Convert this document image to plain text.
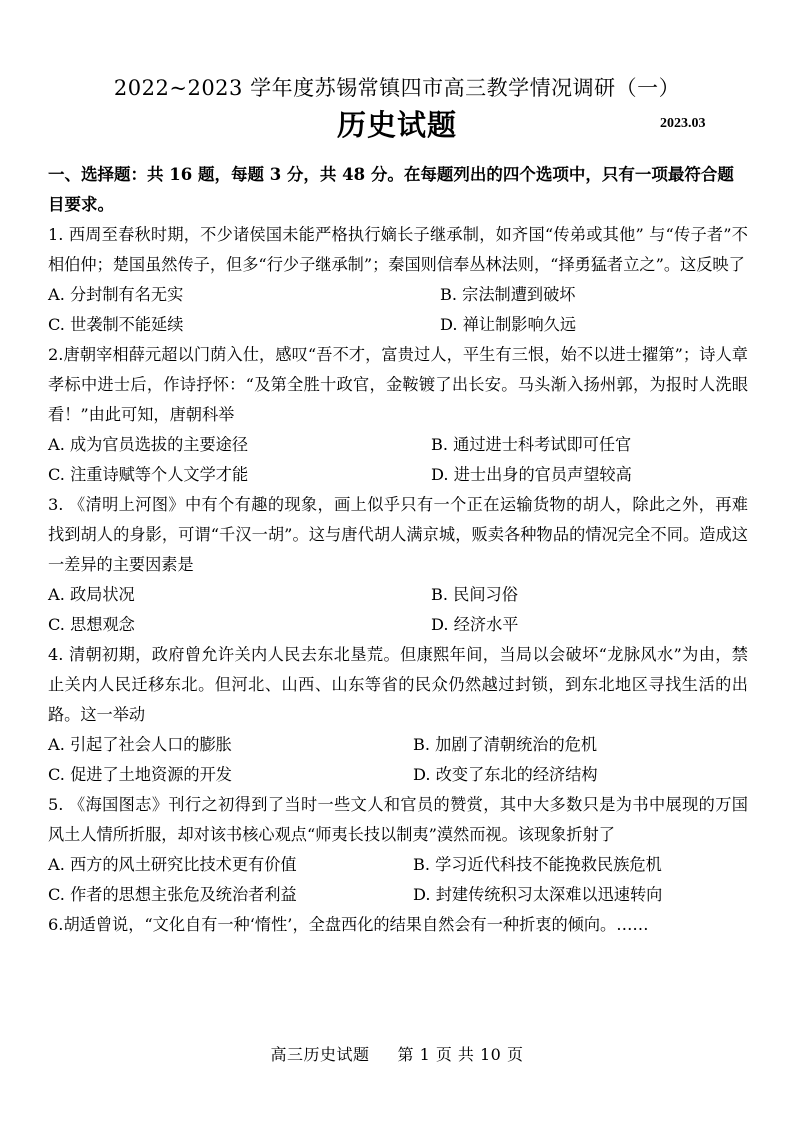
2022~2023 学年度苏锡常镇四市高三教学情况调研（一）
历史试题	2023.03
一、选择题：共 16 题，每题 3 分，共 48 分。在每题列出的四个选项中，只有一项最符合题目要求。
1. 西周至春秋时期，不少诸侯国未能严格执行嫡长子继承制，如齐国“传弟或其他” 与“传子者”不相伯仲；楚国虽然传子，但多“行少子继承制”；秦国则信奉丛林法则，“择勇猛者立之”。这反映了
A. 分封制有名无实	B. 宗法制遭到破坏
C. 世袭制不能延续	D. 禅让制影响久远
2.唐朝宰相薛元超以门荫入仕，感叹“吾不才，富贵过人，平生有三恨，始不以进士擢第”；诗人章孝标中进士后，作诗抒怀：“及第全胜十政官，金鞍镀了出长安。马头渐入扬州郭，为报时人洗眼看！”由此可知，唐朝科举
A. 成为官员选拔的主要途径	B. 通过进士科考试即可任官
C. 注重诗赋等个人文学才能	D. 进士出身的官员声望较高
3. 《清明上河图》中有个有趣的现象，画上似乎只有一个正在运输货物的胡人，除此之外，再难找到胡人的身影，可谓“千汉一胡”。这与唐代胡人满京城，贩卖各种物品的情况完全不同。造成这一差异的主要因素是
A. 政局状况	B. 民间习俗
C. 思想观念	D. 经济水平
4. 清朝初期，政府曾允许关内人民去东北垦荒。但康熙年间，当局以会破坏“龙脉风水”为由，禁止关内人民迁移东北。但河北、山西、山东等省的民众仍然越过封锁，到东北地区寻找生活的出路。这一举动
A. 引起了社会人口的膨胀	B. 加剧了清朝统治的危机
C. 促进了土地资源的开发	D. 改变了东北的经济结构
5. 《海国图志》刊行之初得到了当时一些文人和官员的赞赏，其中大多数只是为书中展现的万国风土人情所折服，却对该书核心观点“师夷长技以制夷”漠然而视。该现象折射了
A. 西方的风土研究比技术更有价值	B. 学习近代科技不能挽救民族危机
C. 作者的思想主张危及统治者利益	D. 封建传统积习太深难以迅速转向
6.胡适曾说，“文化自有一种‘惰性’，全盘西化的结果自然会有一种折衷的倾向。……
高三历史试题     第 1 页 共 10 页
